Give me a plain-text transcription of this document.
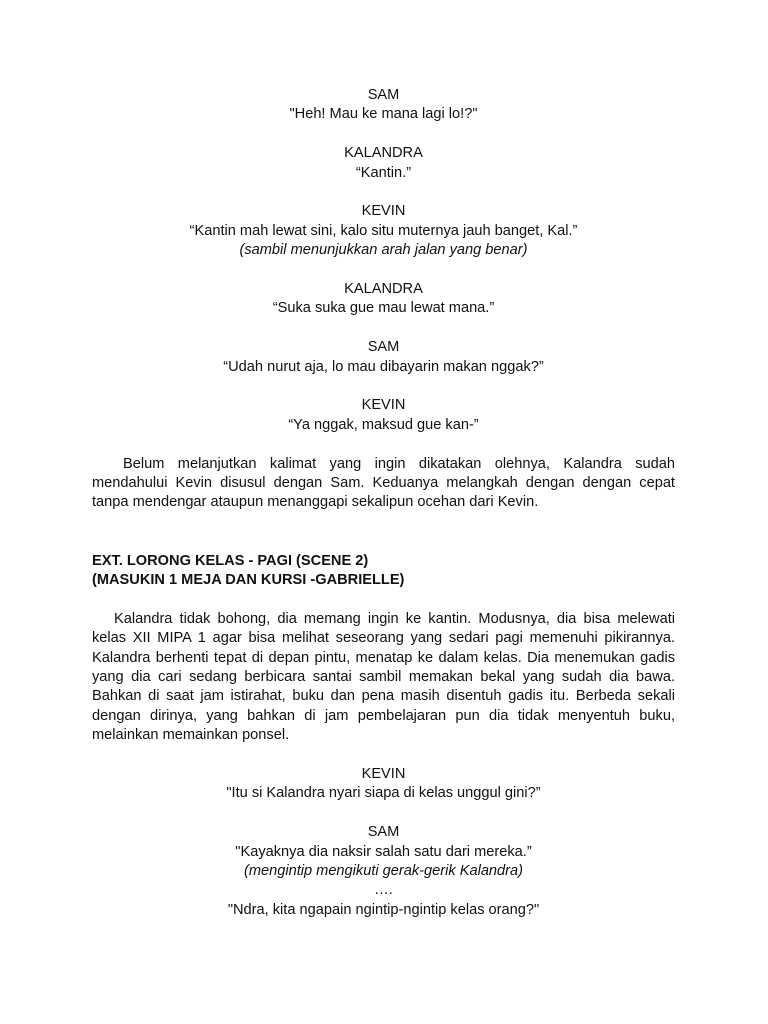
SAM

"Heh! Mau ke mana lagi lo!?"

KALANDRA

“Kantin.”

KEVIN

“Kantin mah lewat sini, kalo situ muternya jauh banget, Kal.”

(sambil menunjukkan arah jalan yang benar)

KALANDRA

“Suka suka gue mau lewat mana.”

SAM

“Udah nurut aja, lo mau dibayarin makan nggak?”

KEVIN

“Ya nggak, maksud gue kan-”

Belum melanjutkan kalimat yang ingin dikatakan olehnya, Kalandra sudah mendahului Kevin disusul dengan Sam. Keduanya melangkah dengan dengan cepat tanpa mendengar ataupun menanggapi sekalipun ocehan dari Kevin.

EXT. LORONG KELAS - PAGI (SCENE 2)

(MASUKIN 1 MEJA DAN KURSI -GABRIELLE)

Kalandra tidak bohong, dia memang ingin ke kantin. Modusnya, dia bisa melewati kelas XII MIPA 1 agar bisa melihat seseorang yang sedari pagi memenuhi pikirannya. Kalandra berhenti tepat di depan pintu, menatap ke dalam kelas. Dia menemukan gadis yang dia cari sedang berbicara santai sambil memakan bekal yang sudah dia bawa. Bahkan di saat jam istirahat, buku dan pena masih disentuh gadis itu. Berbeda sekali dengan dirinya, yang bahkan di jam pembelajaran pun dia tidak menyentuh buku, melainkan memainkan ponsel.

KEVIN

"Itu si Kalandra nyari siapa di kelas unggul gini?”

SAM

"Kayaknya dia naksir salah satu dari mereka.”

(mengintip mengikuti gerak-gerik Kalandra)

….

"Ndra, kita ngapain ngintip-ngintip kelas orang?"
